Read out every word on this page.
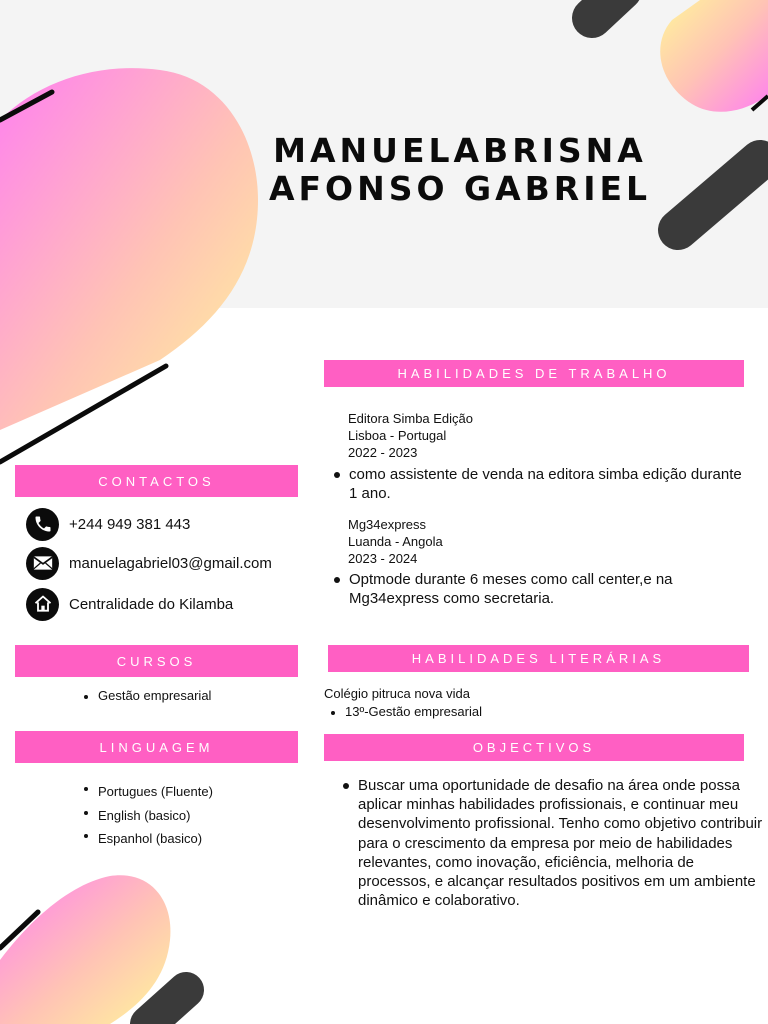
MANUELABRISNA
AFONSO GABRIEL
CONTACTOS
+244 949 381 443
manuelagabriel03@gmail.com
Centralidade do Kilamba
CURSOS
Gestão empresarial
LINGUAGEM
Portugues (Fluente)
English (basico)
Espanhol (basico)
HABILIDADES DE TRABALHO
Editora Simba Edição
Lisboa - Portugal
2022 - 2023
como assistente de venda na editora simba edição durante 1 ano.
Mg34express
Luanda - Angola
2023 - 2024
Optmode durante 6 meses como call center,e na Mg34express como secretaria.
HABILIDADES LITERÁRIAS
Colégio pitruca nova vida
13º-Gestão empresarial
OBJECTIVOS
Buscar uma oportunidade de desafio na área onde possa aplicar minhas habilidades profissionais, e continuar meu desenvolvimento profissional. Tenho como objetivo contribuir para o crescimento da empresa por meio de habilidades relevantes, como inovação, eficiência, melhoria de processos, e alcançar resultados positivos em um ambiente dinâmico e colaborativo.
